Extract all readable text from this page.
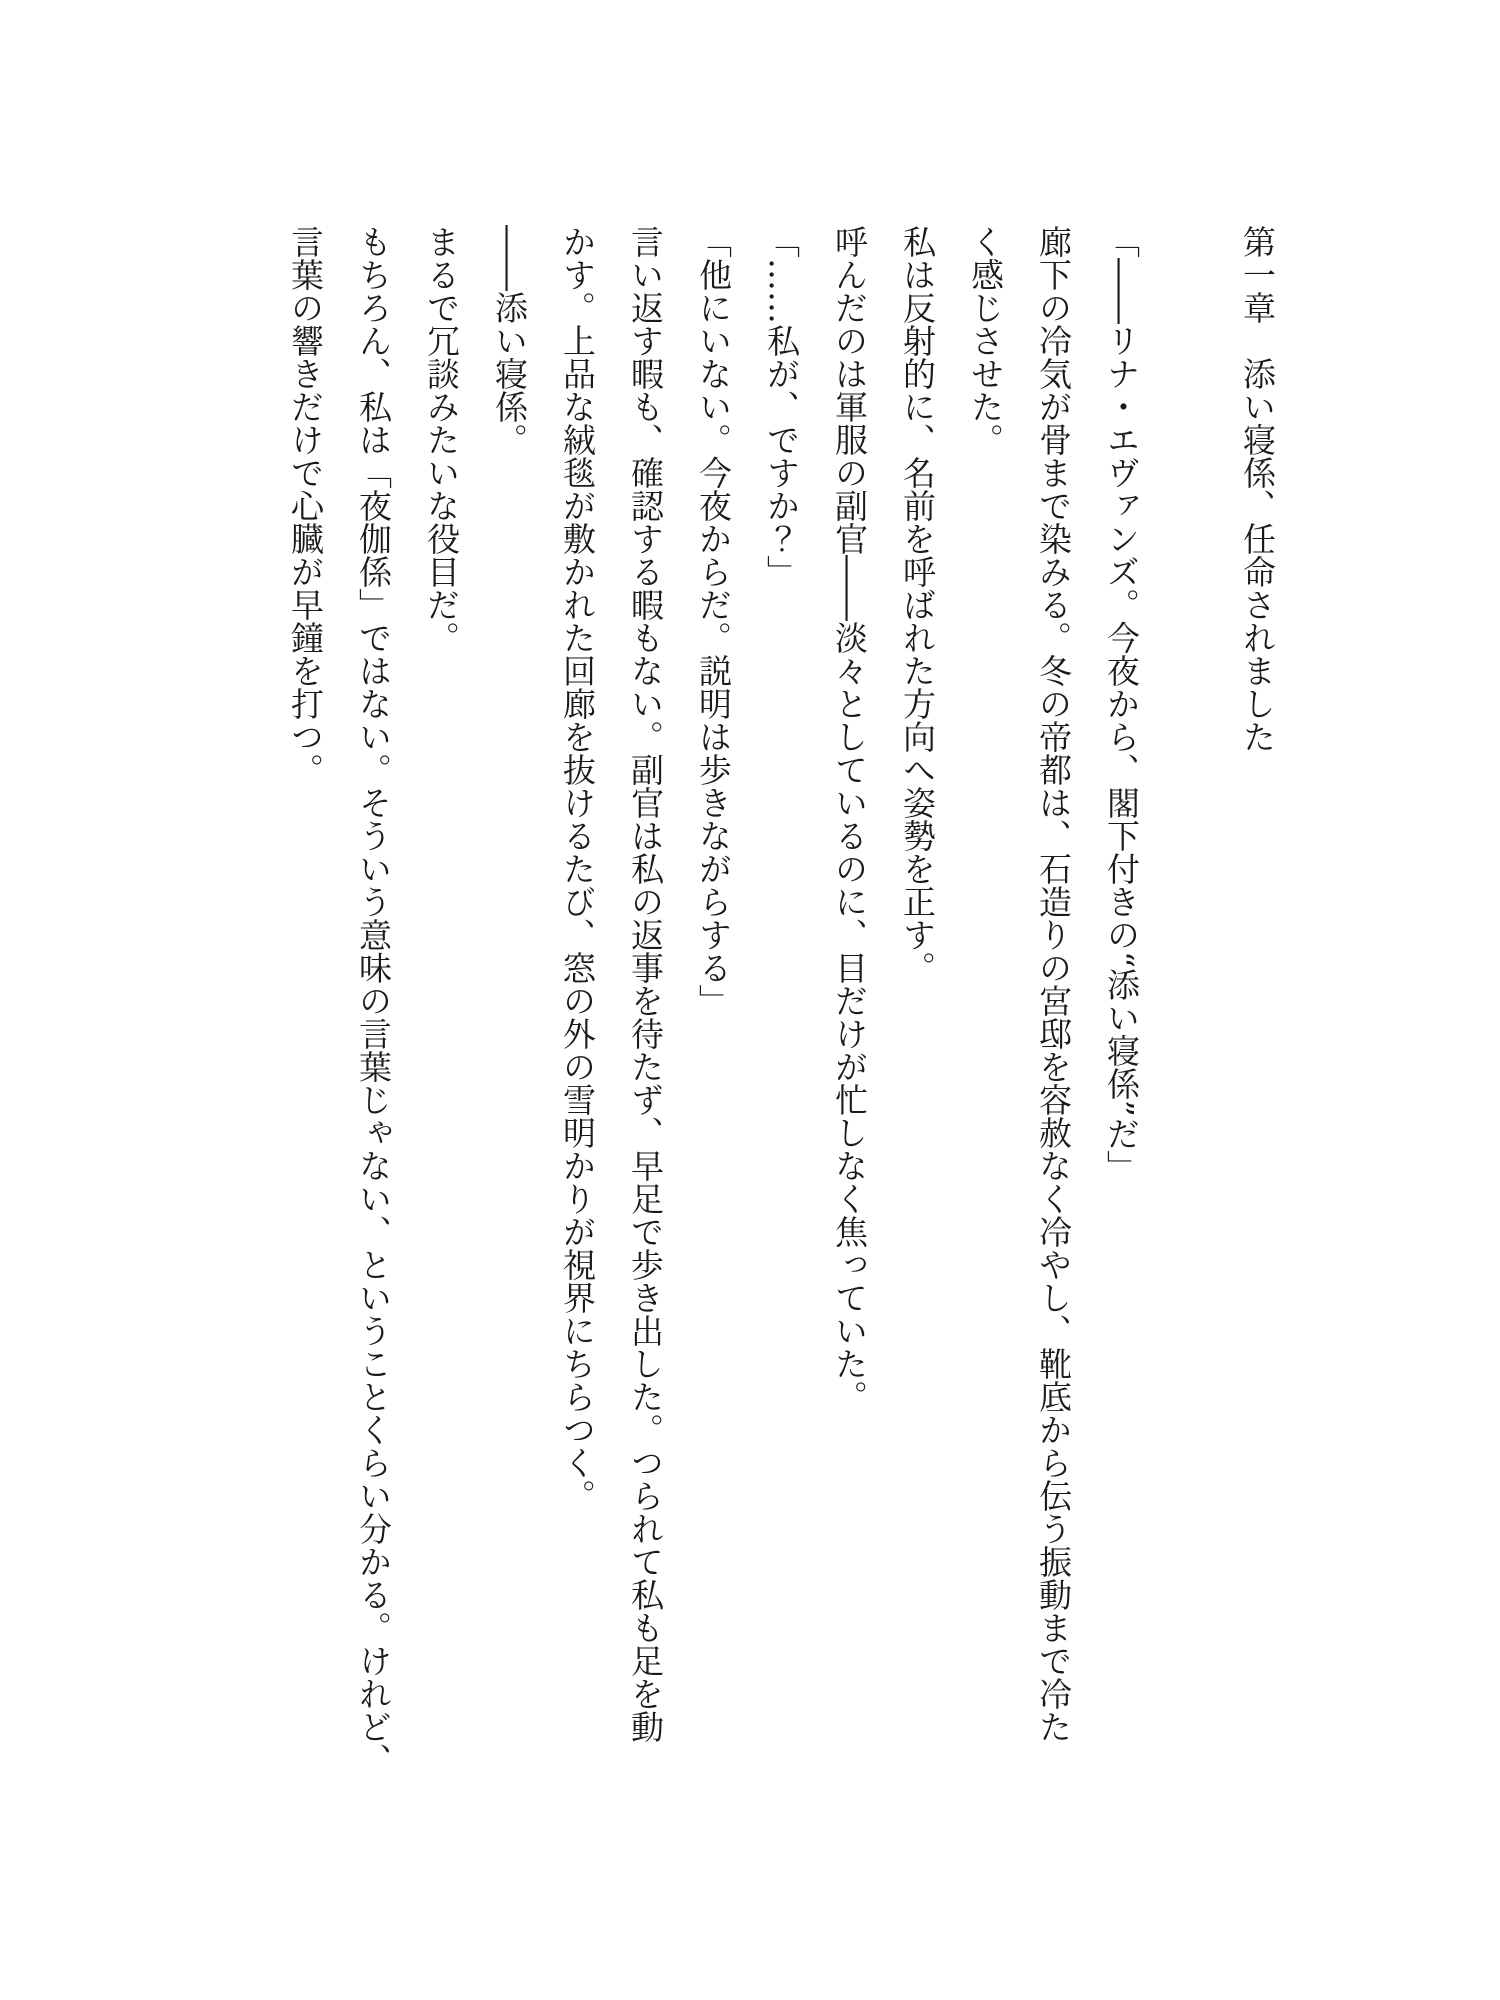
第一章　添い寝係、任命されました

「――リナ・エヴァンズ。今夜から、閣下付きの“添い寝係”だ」

廊下の冷気が骨まで染みる。冬の帝都は、石造りの宮邸を容赦なく冷やし、靴底から伝う振動まで冷た

く感じさせた。

私は反射的に、名前を呼ばれた方向へ姿勢を正す。

呼んだのは軍服の副官――淡々としているのに、目だけが忙しなく焦っていた。

「……私が、ですか？」

「他にいない。今夜からだ。説明は歩きながらする」

言い返す暇も、確認する暇もない。副官は私の返事を待たず、早足で歩き出した。つられて私も足を動

かす。上品な絨毯が敷かれた回廊を抜けるたび、窓の外の雪明かりが視界にちらつく。

――添い寝係。

まるで冗談みたいな役目だ。

もちろん、私は「夜伽係」ではない。そういう意味の言葉じゃない、ということくらい分かる。けれど、

言葉の響きだけで心臓が早鐘を打つ。
